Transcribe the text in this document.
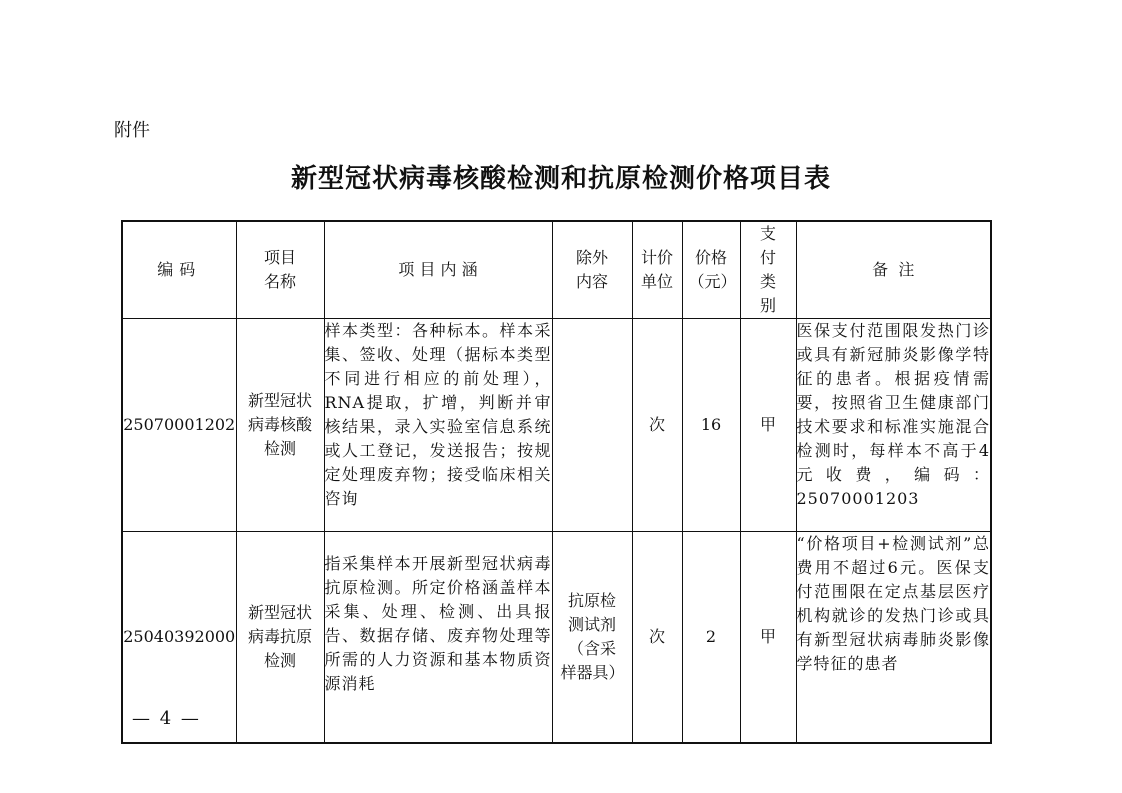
附件
新型冠状病毒核酸检测和抗原检测价格项目表
编码	项目名称	项 目 内 涵	除外内容	计价单位	价格（元）	支付类别	备  注
25070001202	新型冠状病毒核酸检测	样本类型：各种标本。样本采集、签收、处理（据标本类型不同进行相应的前处理），RNA提取，扩增，判断并审核结果，录入实验室信息系统或人工登记，发送报告；按规定处理废弃物；接受临床相关咨询		次	16	甲	医保支付范围限发热门诊或具有新冠肺炎影像学特征的患者。根据疫情需要，按照省卫生健康部门技术要求和标准实施混合检测时，每样本不高于4元收费，编码：25070001203
25040392000	新型冠状病毒抗原检测	指采集样本开展新型冠状病毒抗原检测。所定价格涵盖样本采集、处理、检测、出具报告、数据存储、废弃物处理等所需的人力资源和基本物质资源消耗	抗原检测试剂（含采样器具）	次	2	甲	“价格项目+检测试剂”总费用不超过6元。医保支付范围限在定点基层医疗机构就诊的发热门诊或具有新型冠状病毒肺炎影像学特征的患者
— 4 —
